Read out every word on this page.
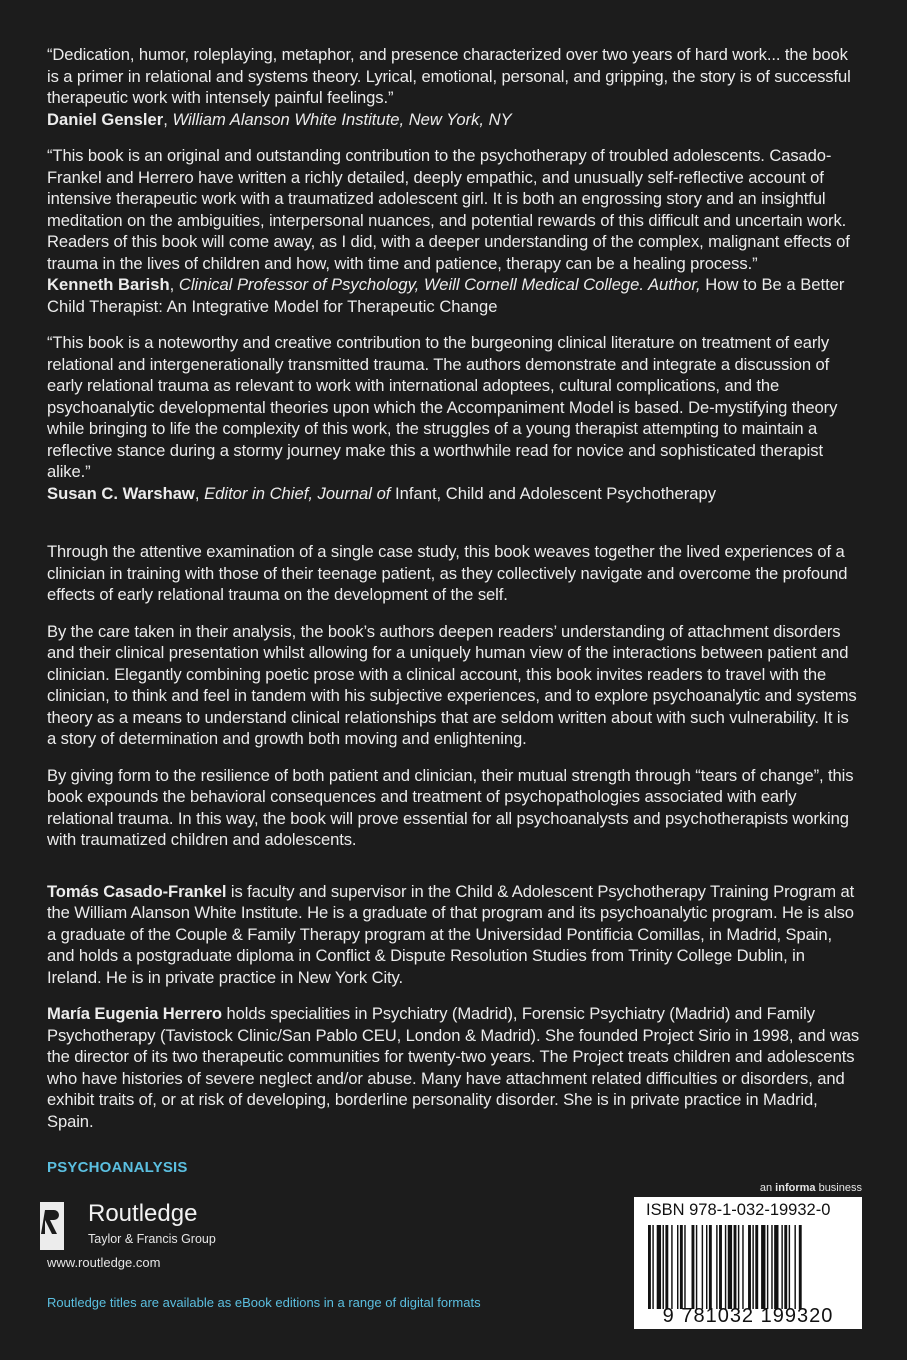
“Dedication, humor, roleplaying, metaphor, and presence characterized over two years of hard work... the book is a primer in relational and systems theory. Lyrical, emotional, personal, and gripping, the story is of successful therapeutic work with intensely painful feelings.”

Daniel Gensler, William Alanson White Institute, New York, NY

“This book is an original and outstanding contribution to the psychotherapy of troubled adolescents. Casado-Frankel and Herrero have written a richly detailed, deeply empathic, and unusually self-reflective account of intensive therapeutic work with a traumatized adolescent girl. It is both an engrossing story and an insightful meditation on the ambiguities, interpersonal nuances, and potential rewards of this difficult and uncertain work. Readers of this book will come away, as I did, with a deeper understanding of the complex, malignant effects of trauma in the lives of children and how, with time and patience, therapy can be a healing process.”

Kenneth Barish, Clinical Professor of Psychology, Weill Cornell Medical College. Author, How to Be a Better Child Therapist: An Integrative Model for Therapeutic Change

“This book is a noteworthy and creative contribution to the burgeoning clinical literature on treatment of early relational and intergenerationally transmitted trauma. The authors demonstrate and integrate a discussion of early relational trauma as relevant to work with international adoptees, cultural complications, and the psychoanalytic developmental theories upon which the Accompaniment Model is based. De-mystifying theory while bringing to life the complexity of this work, the struggles of a young therapist attempting to maintain a reflective stance during a stormy journey make this a worthwhile read for novice and sophisticated therapist alike.”

Susan C. Warshaw, Editor in Chief, Journal of Infant, Child and Adolescent Psychotherapy

Through the attentive examination of a single case study, this book weaves together the lived experiences of a clinician in training with those of their teenage patient, as they collectively navigate and overcome the profound effects of early relational trauma on the development of the self.

By the care taken in their analysis, the book’s authors deepen readers’ understanding of attachment disorders and their clinical presentation whilst allowing for a uniquely human view of the interactions between patient and clinician. Elegantly combining poetic prose with a clinical account, this book invites readers to travel with the clinician, to think and feel in tandem with his subjective experiences, and to explore psychoanalytic and systems theory as a means to understand clinical relationships that are seldom written about with such vulnerability. It is a story of determination and growth both moving and enlightening.

By giving form to the resilience of both patient and clinician, their mutual strength through “tears of change”, this book expounds the behavioral consequences and treatment of psychopathologies associated with early relational trauma. In this way, the book will prove essential for all psychoanalysts and psychotherapists working with traumatized children and adolescents.

Tomás Casado-Frankel is faculty and supervisor in the Child & Adolescent Psychotherapy Training Program at the William Alanson White Institute. He is a graduate of that program and its psychoanalytic program. He is also a graduate of the Couple & Family Therapy program at the Universidad Pontificia Comillas, in Madrid, Spain, and holds a postgraduate diploma in Conflict & Dispute Resolution Studies from Trinity College Dublin, in Ireland. He is in private practice in New York City.

María Eugenia Herrero holds specialities in Psychiatry (Madrid), Forensic Psychiatry (Madrid) and Family Psychotherapy (Tavistock Clinic/San Pablo CEU, London & Madrid). She founded Project Sirio in 1998, and was the director of its two therapeutic communities for twenty-two years. The Project treats children and adolescents who have histories of severe neglect and/or abuse. Many have attachment related difficulties or disorders, and exhibit traits of, or at risk of developing, borderline personality disorder. She is in private practice in Madrid, Spain.

PSYCHOANALYSIS
Routledge
Taylor & Francis Group
www.routledge.com
Routledge titles are available as eBook editions in a range of digital formats
an informa business
ISBN 978-1-032-19932-0
9 781032 199320
